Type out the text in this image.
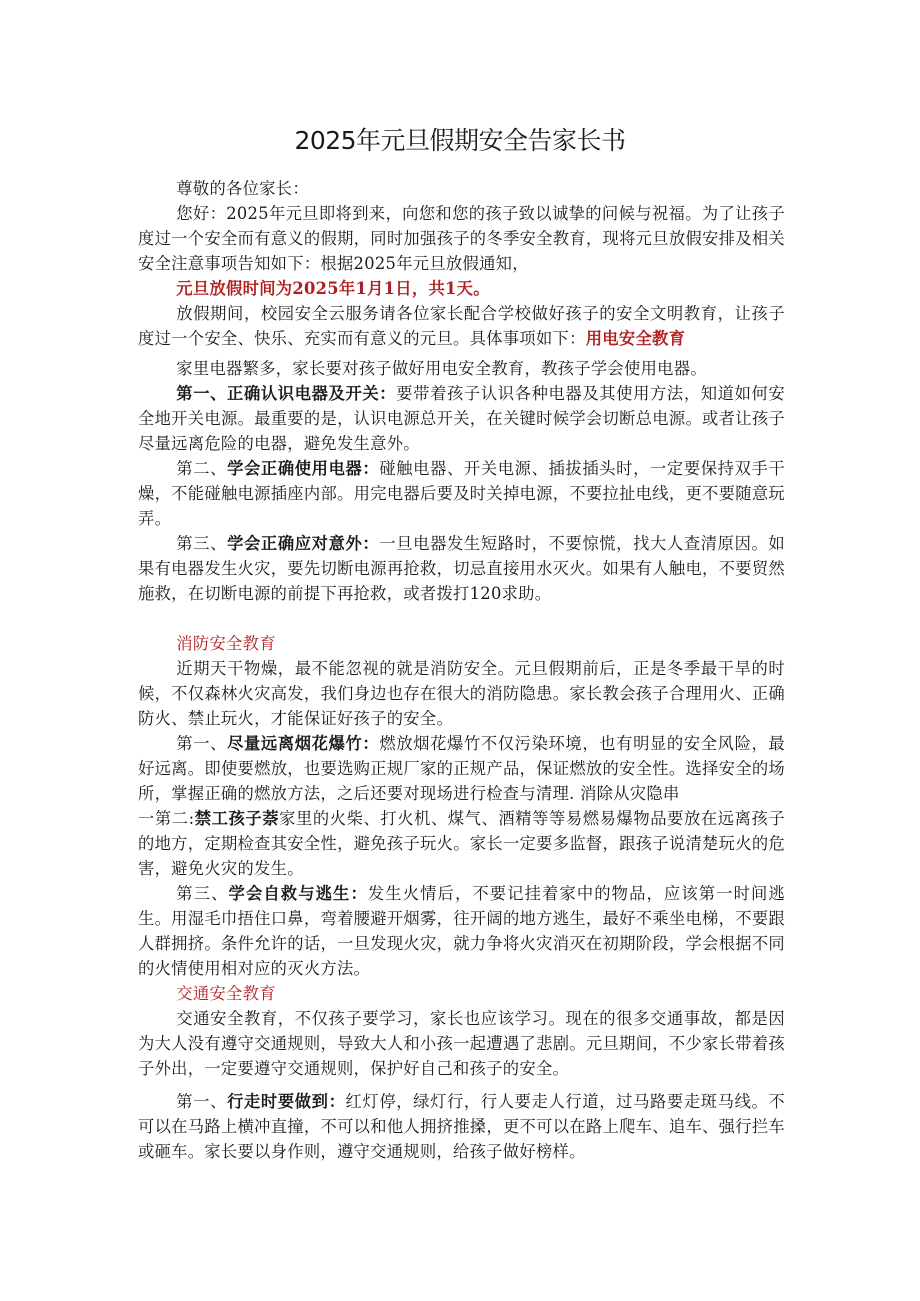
2025年元旦假期安全告家长书

尊敬的各位家长：

您好：2025年元旦即将到来，向您和您的孩子致以诚挚的问候与祝福。为了让孩子度过一个安全而有意义的假期，同时加强孩子的冬季安全教育，现将元旦放假安排及相关安全注意事项告知如下：根据2025年元旦放假通知，

元旦放假时间为2025年1月1日，共1天。

放假期间，校园安全云服务请各位家长配合学校做好孩子的安全文明教育，让孩子度过一个安全、快乐、充实而有意义的元旦。具体事项如下：用电安全教育

家里电器繁多，家长要对孩子做好用电安全教育，教孩子学会使用电器。

第一、正确认识电器及开关：要带着孩子认识各种电器及其使用方法，知道如何安全地开关电源。最重要的是，认识电源总开关，在关键时候学会切断总电源。或者让孩子尽量远离危险的电器，避免发生意外。

第二、学会正确使用电器：碰触电器、开关电源、插拔插头时，一定要保持双手干燥，不能碰触电源插座内部。用完电器后要及时关掉电源，不要拉扯电线，更不要随意玩弄。

第三、学会正确应对意外：一旦电器发生短路时，不要惊慌，找大人查清原因。如果有电器发生火灾，要先切断电源再抢救，切忌直接用水灭火。如果有人触电，不要贸然施救，在切断电源的前提下再抢救，或者拨打120求助。

消防安全教育

近期天干物燥，最不能忽视的就是消防安全。元旦假期前后，正是冬季最干旱的时候，不仅森林火灾高发，我们身边也存在很大的消防隐患。家长教会孩子合理用火、正确防火、禁止玩火，才能保证好孩子的安全。

第一、尽量远离烟花爆竹：燃放烟花爆竹不仅污染环境，也有明显的安全风险，最好远离。即使要燃放，也要选购正规厂家的正规产品，保证燃放的安全性。选择安全的场所，掌握正确的燃放方法，之后还要对现场进行检查与清理. 消除从灾隐串

一第二:禁工孩子萘家里的火柴、打火机、煤气、酒精等等易燃易爆物品要放在远离孩子的地方，定期检查其安全性，避免孩子玩火。家长一定要多监督，跟孩子说清楚玩火的危害，避免火灾的发生。

第三、学会自救与逃生：发生火情后，不要记挂着家中的物品，应该第一时间逃生。用湿毛巾捂住口鼻，弯着腰避开烟雾，往开阔的地方逃生，最好不乘坐电梯，不要跟人群拥挤。条件允许的话，一旦发现火灾，就力争将火灾消灭在初期阶段，学会根据不同的火情使用相对应的灭火方法。

交通安全教育

交通安全教育，不仅孩子要学习，家长也应该学习。现在的很多交通事故，都是因为大人没有遵守交通规则，导致大人和小孩一起遭遇了悲剧。元旦期间，不少家长带着孩子外出，一定要遵守交通规则，保护好自己和孩子的安全。

第一、行走时要做到：红灯停，绿灯行，行人要走人行道，过马路要走斑马线。不可以在马路上横冲直撞，不可以和他人拥挤推搡，更不可以在路上爬车、追车、强行拦车或砸车。家长要以身作则，遵守交通规则，给孩子做好榜样。
